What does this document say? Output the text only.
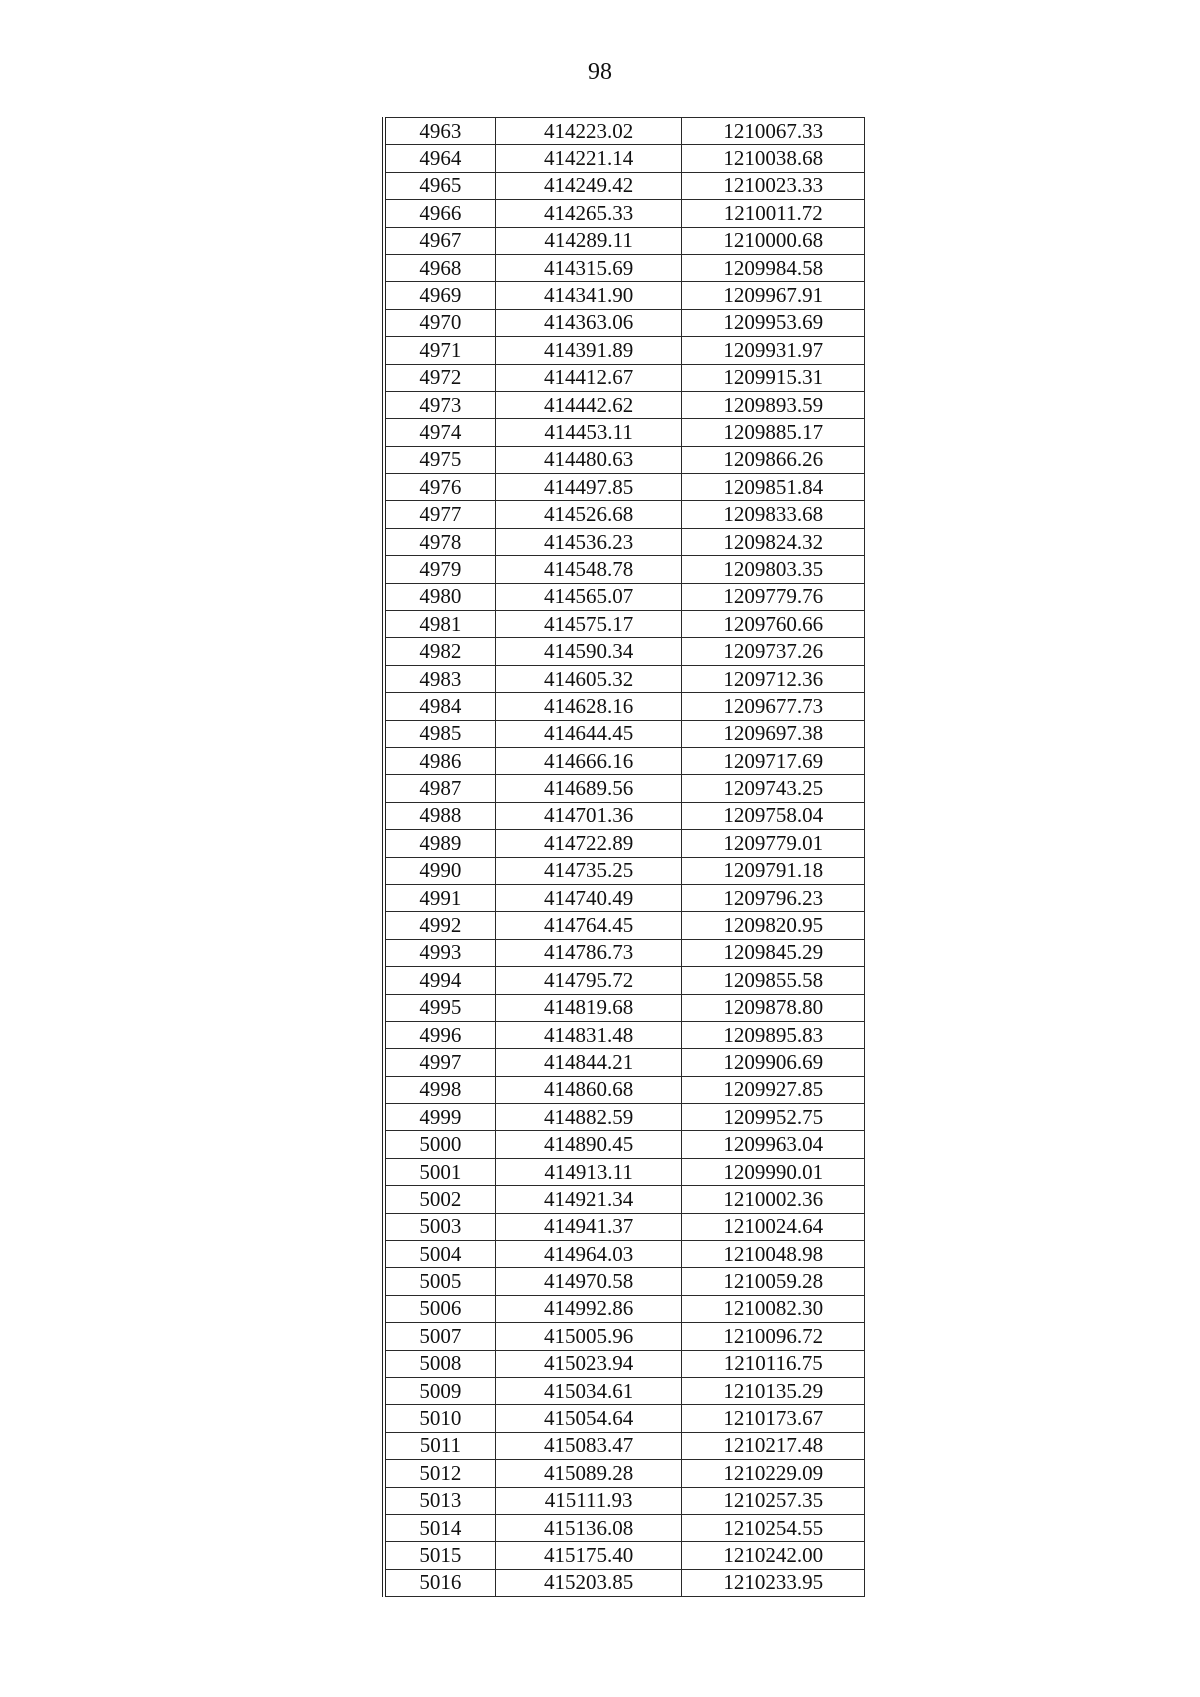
98
4963	414223.02	1210067.33
4964	414221.14	1210038.68
4965	414249.42	1210023.33
4966	414265.33	1210011.72
4967	414289.11	1210000.68
4968	414315.69	1209984.58
4969	414341.90	1209967.91
4970	414363.06	1209953.69
4971	414391.89	1209931.97
4972	414412.67	1209915.31
4973	414442.62	1209893.59
4974	414453.11	1209885.17
4975	414480.63	1209866.26
4976	414497.85	1209851.84
4977	414526.68	1209833.68
4978	414536.23	1209824.32
4979	414548.78	1209803.35
4980	414565.07	1209779.76
4981	414575.17	1209760.66
4982	414590.34	1209737.26
4983	414605.32	1209712.36
4984	414628.16	1209677.73
4985	414644.45	1209697.38
4986	414666.16	1209717.69
4987	414689.56	1209743.25
4988	414701.36	1209758.04
4989	414722.89	1209779.01
4990	414735.25	1209791.18
4991	414740.49	1209796.23
4992	414764.45	1209820.95
4993	414786.73	1209845.29
4994	414795.72	1209855.58
4995	414819.68	1209878.80
4996	414831.48	1209895.83
4997	414844.21	1209906.69
4998	414860.68	1209927.85
4999	414882.59	1209952.75
5000	414890.45	1209963.04
5001	414913.11	1209990.01
5002	414921.34	1210002.36
5003	414941.37	1210024.64
5004	414964.03	1210048.98
5005	414970.58	1210059.28
5006	414992.86	1210082.30
5007	415005.96	1210096.72
5008	415023.94	1210116.75
5009	415034.61	1210135.29
5010	415054.64	1210173.67
5011	415083.47	1210217.48
5012	415089.28	1210229.09
5013	415111.93	1210257.35
5014	415136.08	1210254.55
5015	415175.40	1210242.00
5016	415203.85	1210233.95
